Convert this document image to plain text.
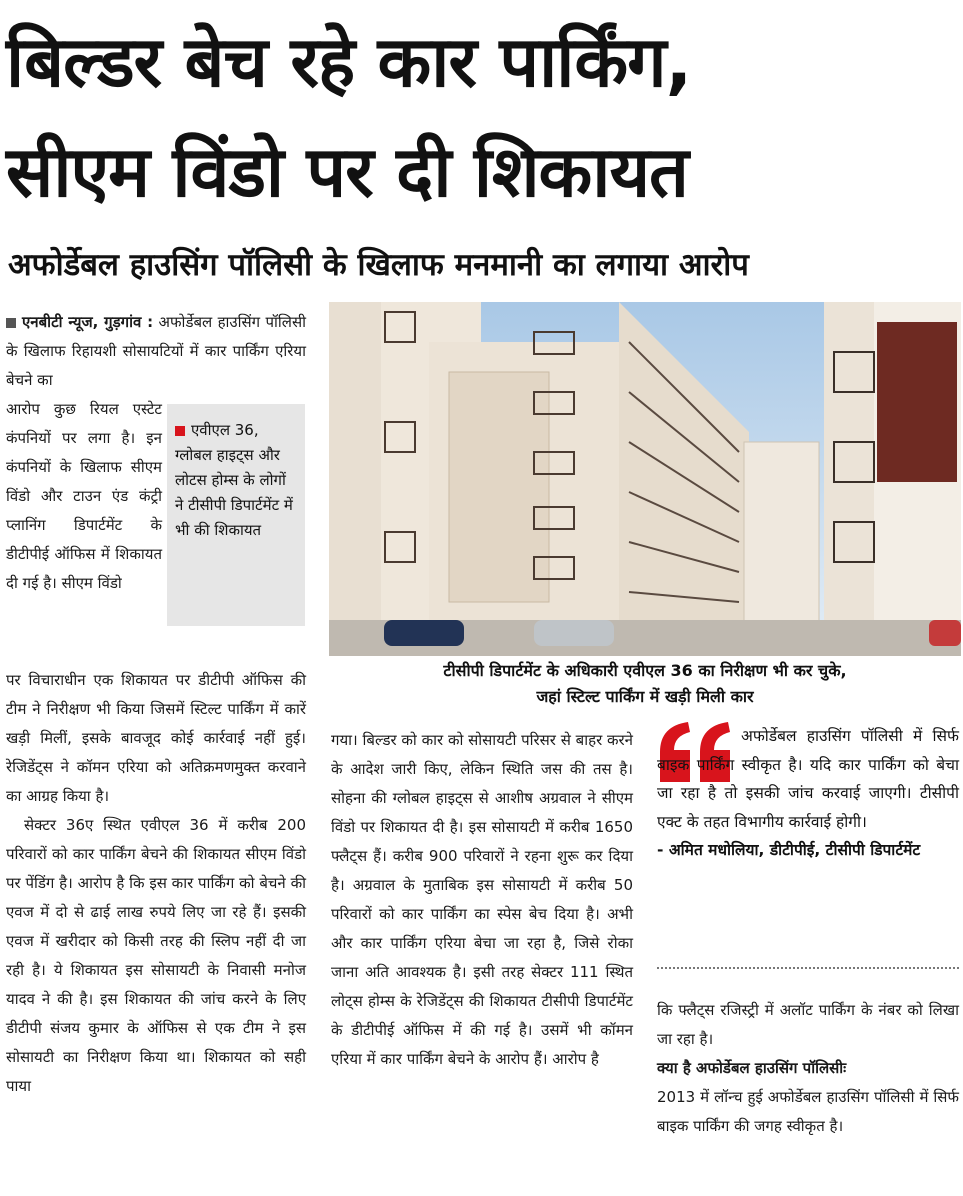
बिल्डर बेच रहे कार पार्किंग,
सीएम विंडो पर दी शिकायत
अफोर्डेबल हाउसिंग पॉलिसी के खिलाफ मनमानी का लगाया आरोप

एनबीटी न्यूज, गुड़गांव : अफोर्डेबल हाउसिंग पॉलिसी के खिलाफ रिहायशी सोसायटियों में कार पार्किंग एरिया बेचने का

आरोप कुछ रियल एस्टेट कंपनियों पर लगा है। इन कंपनियों के खिलाफ सीएम विंडो और टाउन एंड कंट्री प्लानिंग डिपार्टमेंट के डीटीपीई ऑफिस में शिकायत दी गई है। सीएम विंडो

एवीएल 36, ग्लोबल हाइट्स और लोटस होम्स के लोगों ने टीसीपी डिपार्टमेंट में भी की शिकायत

पर विचाराधीन एक शिकायत पर डीटीपी ऑफिस की टीम ने निरीक्षण भी किया जिसमें स्टिल्ट पार्किंग में कारें खड़ी मिलीं, इसके बावजूद कोई कार्रवाई नहीं हुई। रेजिडेंट्स ने कॉमन एरिया को अतिक्रमणमुक्त करवाने का आग्रह किया है।

सेक्टर 36ए स्थित एवीएल 36 में करीब 200 परिवारों को कार पार्किंग बेचने की शिकायत सीएम विंडो पर पेंडिंग है। आरोप है कि इस कार पार्किंग को बेचने की एवज में दो से ढाई लाख रुपये लिए जा रहे हैं। इसकी एवज में खरीदार को किसी तरह की स्लिप नहीं दी जा रही है। ये शिकायत इस सोसायटी के निवासी मनोज यादव ने की है। इस शिकायत की जांच करने के लिए डीटीपी संजय कुमार के ऑफिस से एक टीम ने इस सोसायटी का निरीक्षण किया था। शिकायत को सही पाया

टीसीपी डिपार्टमेंट के अधिकारी एवीएल 36 का निरीक्षण भी कर चुके,
जहां स्टिल्ट पार्किंग में खड़ी मिली कार

गया। बिल्डर को कार को सोसायटी परिसर से बाहर करने के आदेश जारी किए, लेकिन स्थिति जस की तस है। सोहना की ग्लोबल हाइट्स से आशीष अग्रवाल ने सीएम विंडो पर शिकायत दी है। इस सोसायटी में करीब 1650 फ्लैट्स हैं। करीब 900 परिवारों ने रहना शुरू कर दिया है। अग्रवाल के मुताबिक इस सोसायटी में करीब 50 परिवारों को कार पार्किंग का स्पेस बेच दिया है। अभी और कार पार्किंग एरिया बेचा जा रहा है, जिसे रोका जाना अति आवश्यक है। इसी तरह सेक्टर 111 स्थित लोट्स होम्स के रेजिडेंट्स की शिकायत टीसीपी डिपार्टमेंट के डीटीपीई ऑफिस में की गई है। उसमें भी कॉमन एरिया में कार पार्किंग बेचने के आरोप हैं। आरोप है

अफोर्डेबल हाउसिंग पॉलिसी में सिर्फ बाइक पार्किंग स्वीकृत है। यदि कार पार्किंग को बेचा जा रहा है तो इसकी जांच करवाई जाएगी। टीसीपी एक्ट के तहत विभागीय कार्रवाई होगी।

- अमित मधोलिया, डीटीपीई, टीसीपी डिपार्टमेंट

कि फ्लैट्स रजिस्ट्री में अलॉट पार्किंग के नंबर को लिखा जा रहा है।

क्या है अफोर्डेबल हाउसिंग पॉलिसीः

2013 में लॉन्च हुई अफोर्डेबल हाउसिंग पॉलिसी में सिर्फ बाइक पार्किंग की जगह स्वीकृत है।
